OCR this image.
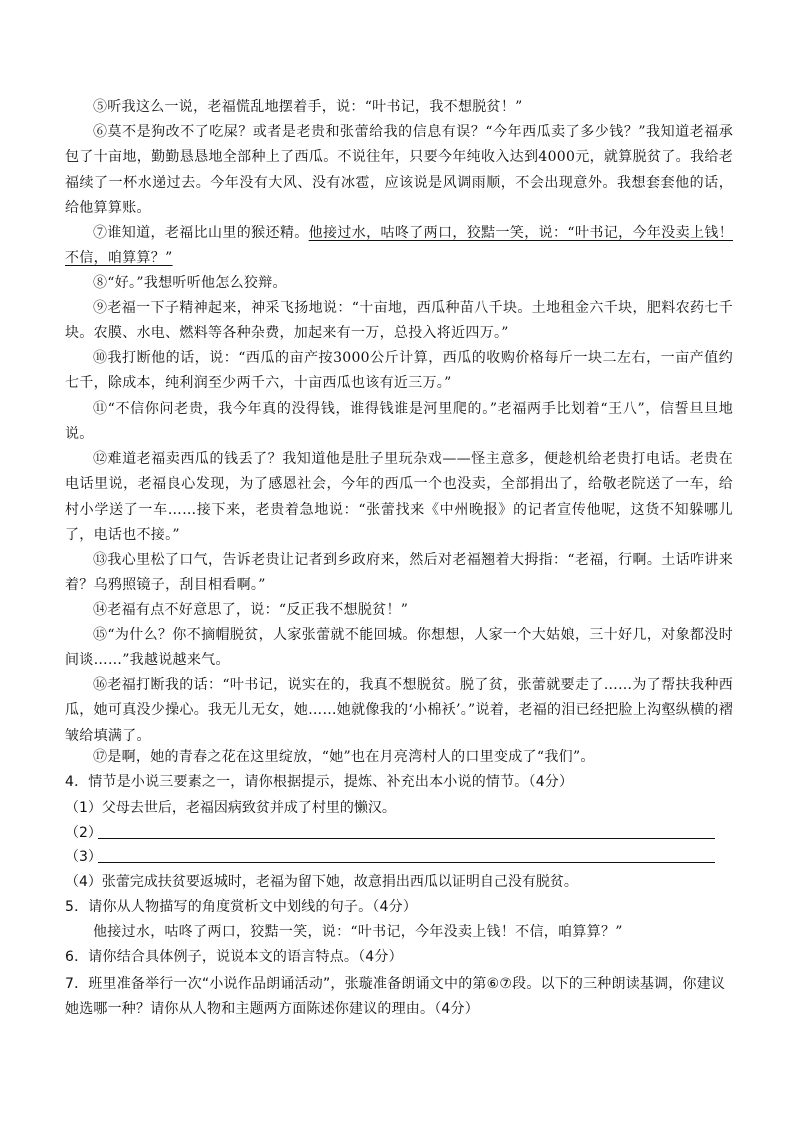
⑤听我这么一说，老福慌乱地摆着手，说：“叶书记，我不想脱贫！”
⑥莫不是狗改不了吃屎？或者是老贵和张蕾给我的信息有误？“今年西瓜卖了多少钱？”我知道老福承包了十亩地，勤勤恳恳地全部种上了西瓜。不说往年，只要今年纯收入达到4000元，就算脱贫了。我给老福续了一杯水递过去。今年没有大风、没有冰雹，应该说是风调雨顺，不会出现意外。我想套套他的话，给他算算账。
⑦谁知道，老福比山里的猴还精。他接过水，咕咚了两口，狡黠一笑，说：“叶书记，今年没卖上钱！不信，咱算算？”
⑧“好。”我想听听他怎么狡辩。
⑨老福一下子精神起来，神采飞扬地说：“十亩地，西瓜种苗八千块。土地租金六千块，肥料农药七千块。农膜、水电、燃料等各种杂费，加起来有一万，总投入将近四万。”
⑩我打断他的话，说：“西瓜的亩产按3000公斤计算，西瓜的收购价格每斤一块二左右，一亩产值约七千，除成本，纯利润至少两千六，十亩西瓜也该有近三万。”
⑪“不信你问老贵，我今年真的没得钱，谁得钱谁是河里爬的。”老福两手比划着“王八”，信誓旦旦地说。
⑫难道老福卖西瓜的钱丢了？我知道他是肚子里玩杂戏——怪主意多，便趁机给老贵打电话。老贵在电话里说，老福良心发现，为了感恩社会，今年的西瓜一个也没卖，全部捐出了，给敬老院送了一车，给村小学送了一车……接下来，老贵着急地说：“张蕾找来《中州晚报》的记者宣传他呢，这货不知躲哪儿了，电话也不接。”
⑬我心里松了口气，告诉老贵让记者到乡政府来，然后对老福翘着大拇指：“老福，行啊。土话咋讲来着？乌鸦照镜子，刮目相看啊。”
⑭老福有点不好意思了，说：“反正我不想脱贫！”
⑮“为什么？你不摘帽脱贫，人家张蕾就不能回城。你想想，人家一个大姑娘，三十好几，对象都没时间谈……”我越说越来气。
⑯老福打断我的话：“叶书记，说实在的，我真不想脱贫。脱了贫，张蕾就要走了……为了帮扶我种西瓜，她可真没少操心。我无儿无女，她……她就像我的‘小棉袄’。”说着，老福的泪已经把脸上沟壑纵横的褶皱给填满了。
⑰是啊，她的青春之花在这里绽放，“她”也在月亮湾村人的口里变成了“我们”。
4．情节是小说三要素之一，请你根据提示，提炼、补充出本小说的情节。（4分）
（1）父母去世后，老福因病致贫并成了村里的懒汉。
（2）
（3）
（4）张蕾完成扶贫要返城时，老福为留下她，故意捐出西瓜以证明自己没有脱贫。
5．请你从人物描写的角度赏析文中划线的句子。（4分）
他接过水，咕咚了两口，狡黠一笑，说：“叶书记，今年没卖上钱！不信，咱算算？”
6．请你结合具体例子，说说本文的语言特点。（4分）
7．班里准备举行一次“小说作品朗诵活动”，张璇准备朗诵文中的第⑥⑦段。以下的三种朗读基调，你建议她选哪一种？请你从人物和主题两方面陈述你建议的理由。（4分）
